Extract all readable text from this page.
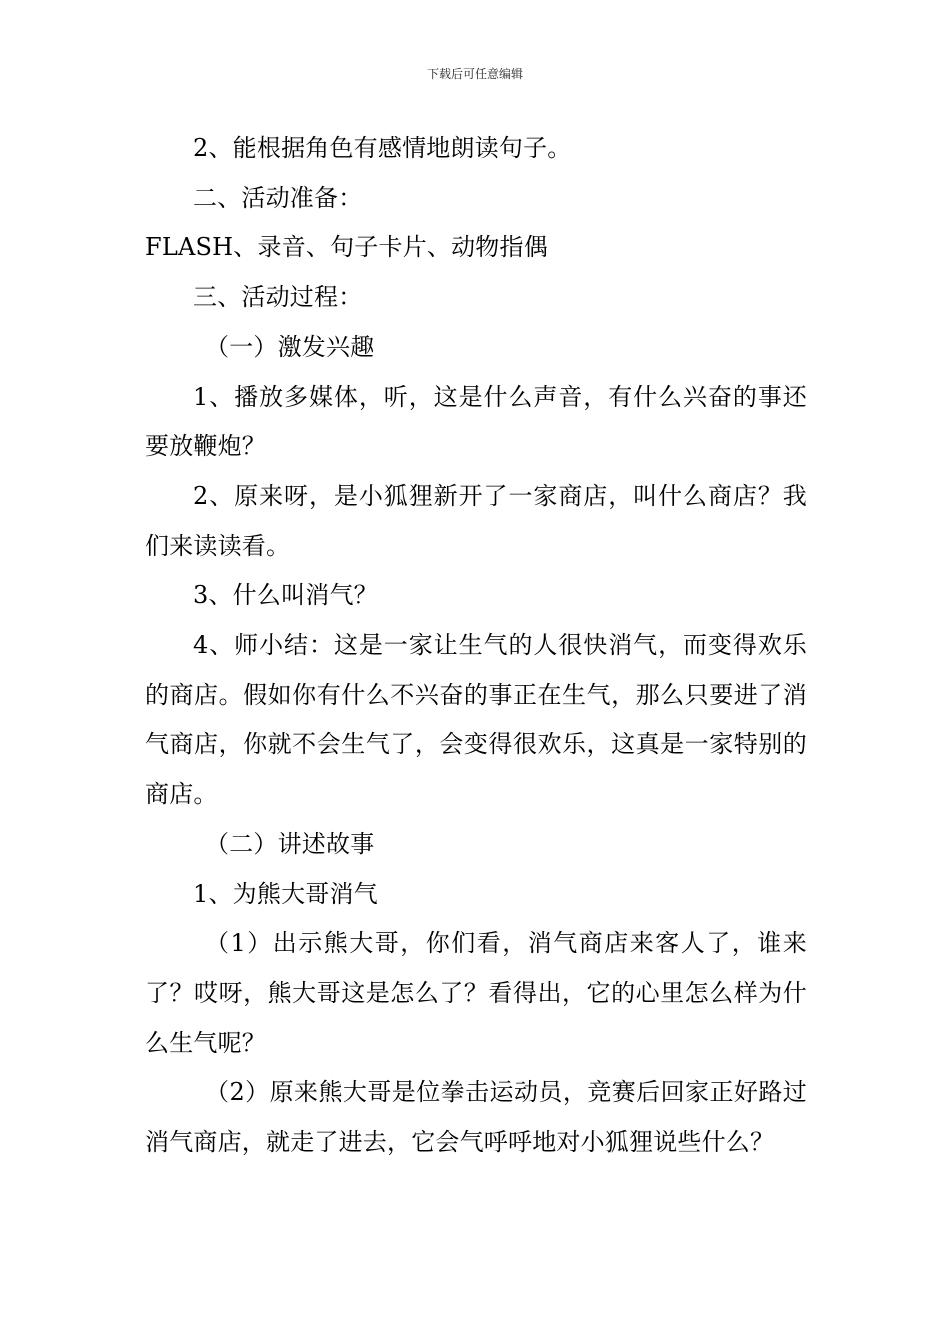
下载后可任意编辑

2、能根据角色有感情地朗读句子。

二、活动准备：

FLASH、录音、句子卡片、动物指偶

三、活动过程：

（一）激发兴趣

1、播放多媒体，听，这是什么声音，有什么兴奋的事还要放鞭炮？

2、原来呀，是小狐狸新开了一家商店，叫什么商店？我们来读读看。

3、什么叫消气？

4、师小结：这是一家让生气的人很快消气，而变得欢乐的商店。假如你有什么不兴奋的事正在生气，那么只要进了消气商店，你就不会生气了，会变得很欢乐，这真是一家特别的商店。

（二）讲述故事

1、为熊大哥消气

（1）出示熊大哥，你们看，消气商店来客人了，谁来了？哎呀，熊大哥这是怎么了？看得出，它的心里怎么样为什么生气呢？

（2）原来熊大哥是位拳击运动员，竞赛后回家正好路过消气商店，就走了进去，它会气呼呼地对小狐狸说些什么？
